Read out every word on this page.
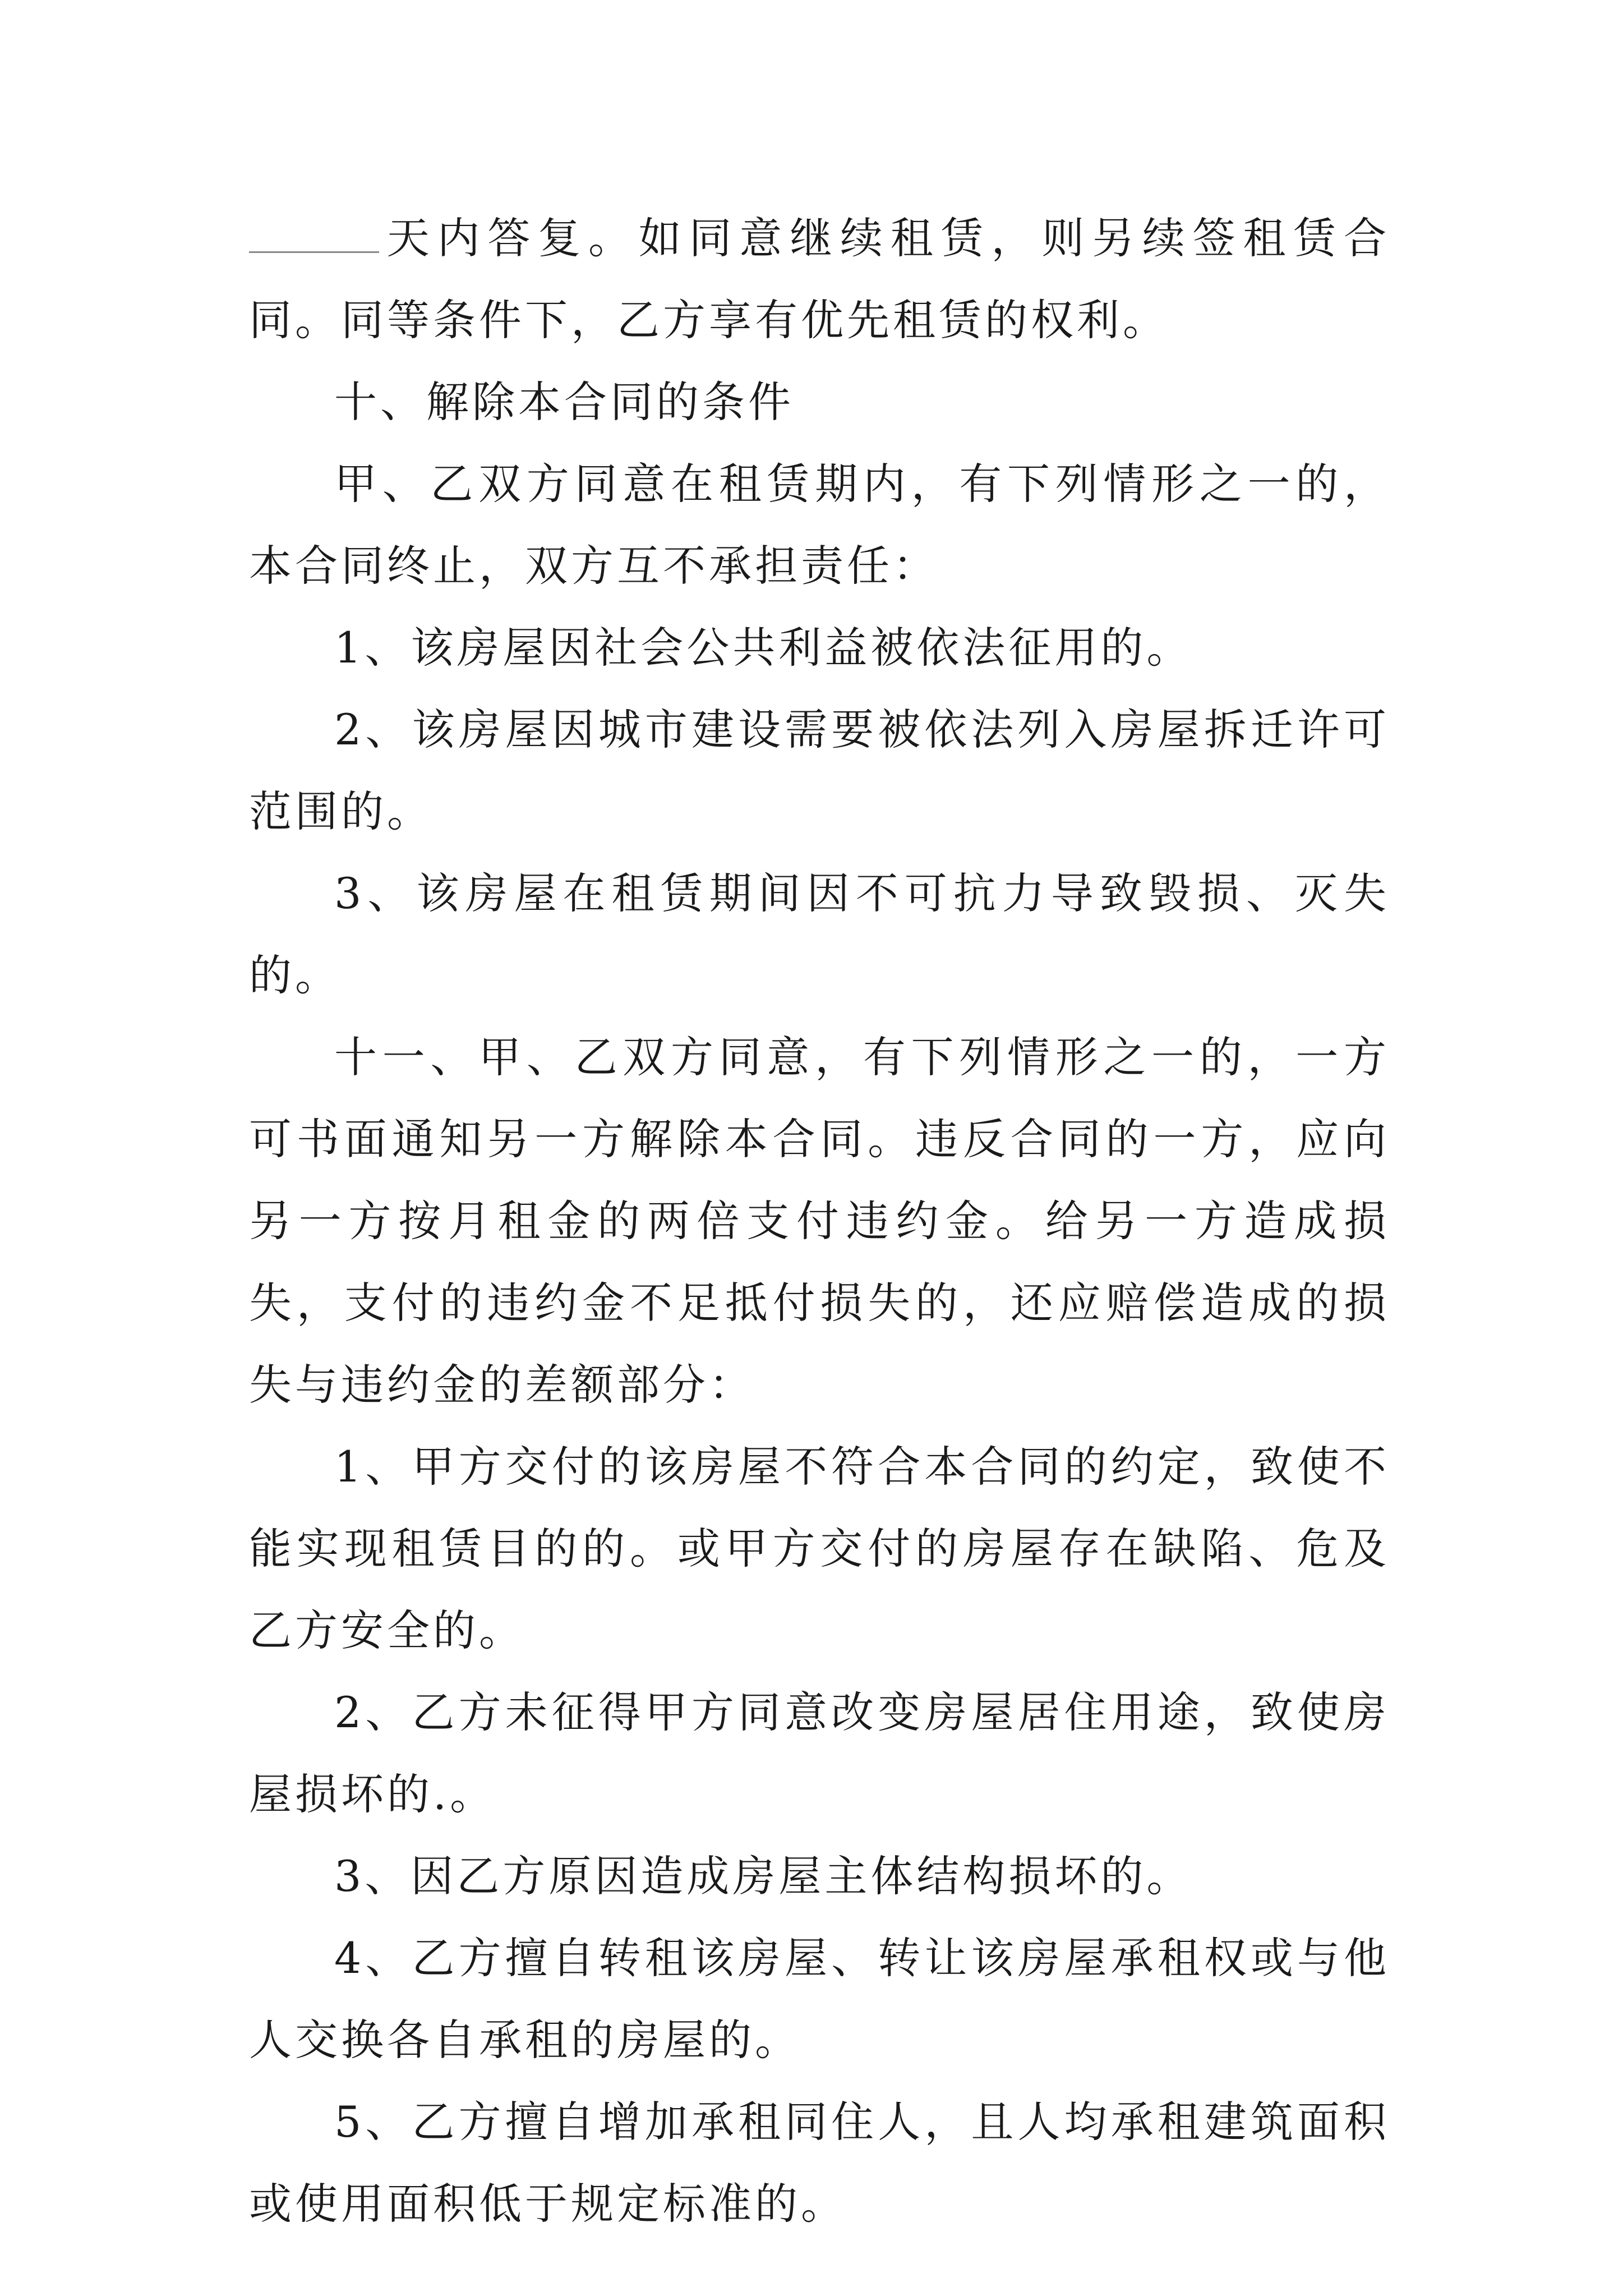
天内答复。如同意继续租赁，则另续签租赁合同。同等条件下，乙方享有优先租赁的权利。

十、解除本合同的条件

甲、乙双方同意在租赁期内，有下列情形之一的，本合同终止，双方互不承担责任：

1、该房屋因社会公共利益被依法征用的。

2、该房屋因城市建设需要被依法列入房屋拆迁许可范围的。

3、该房屋在租赁期间因不可抗力导致毁损、灭失的。

十一、甲、乙双方同意，有下列情形之一的，一方可书面通知另一方解除本合同。违反合同的一方，应向另一方按月租金的两倍支付违约金。给另一方造成损失，支付的违约金不足抵付损失的，还应赔偿造成的损失与违约金的差额部分：

1、甲方交付的该房屋不符合本合同的约定，致使不能实现租赁目的的。或甲方交付的房屋存在缺陷、危及乙方安全的。

2、乙方未征得甲方同意改变房屋居住用途，致使房屋损坏的.。

3、因乙方原因造成房屋主体结构损坏的。

4、乙方擅自转租该房屋、转让该房屋承租权或与他人交换各自承租的房屋的。

5、乙方擅自增加承租同住人，且人均承租建筑面积或使用面积低于规定标准的。
